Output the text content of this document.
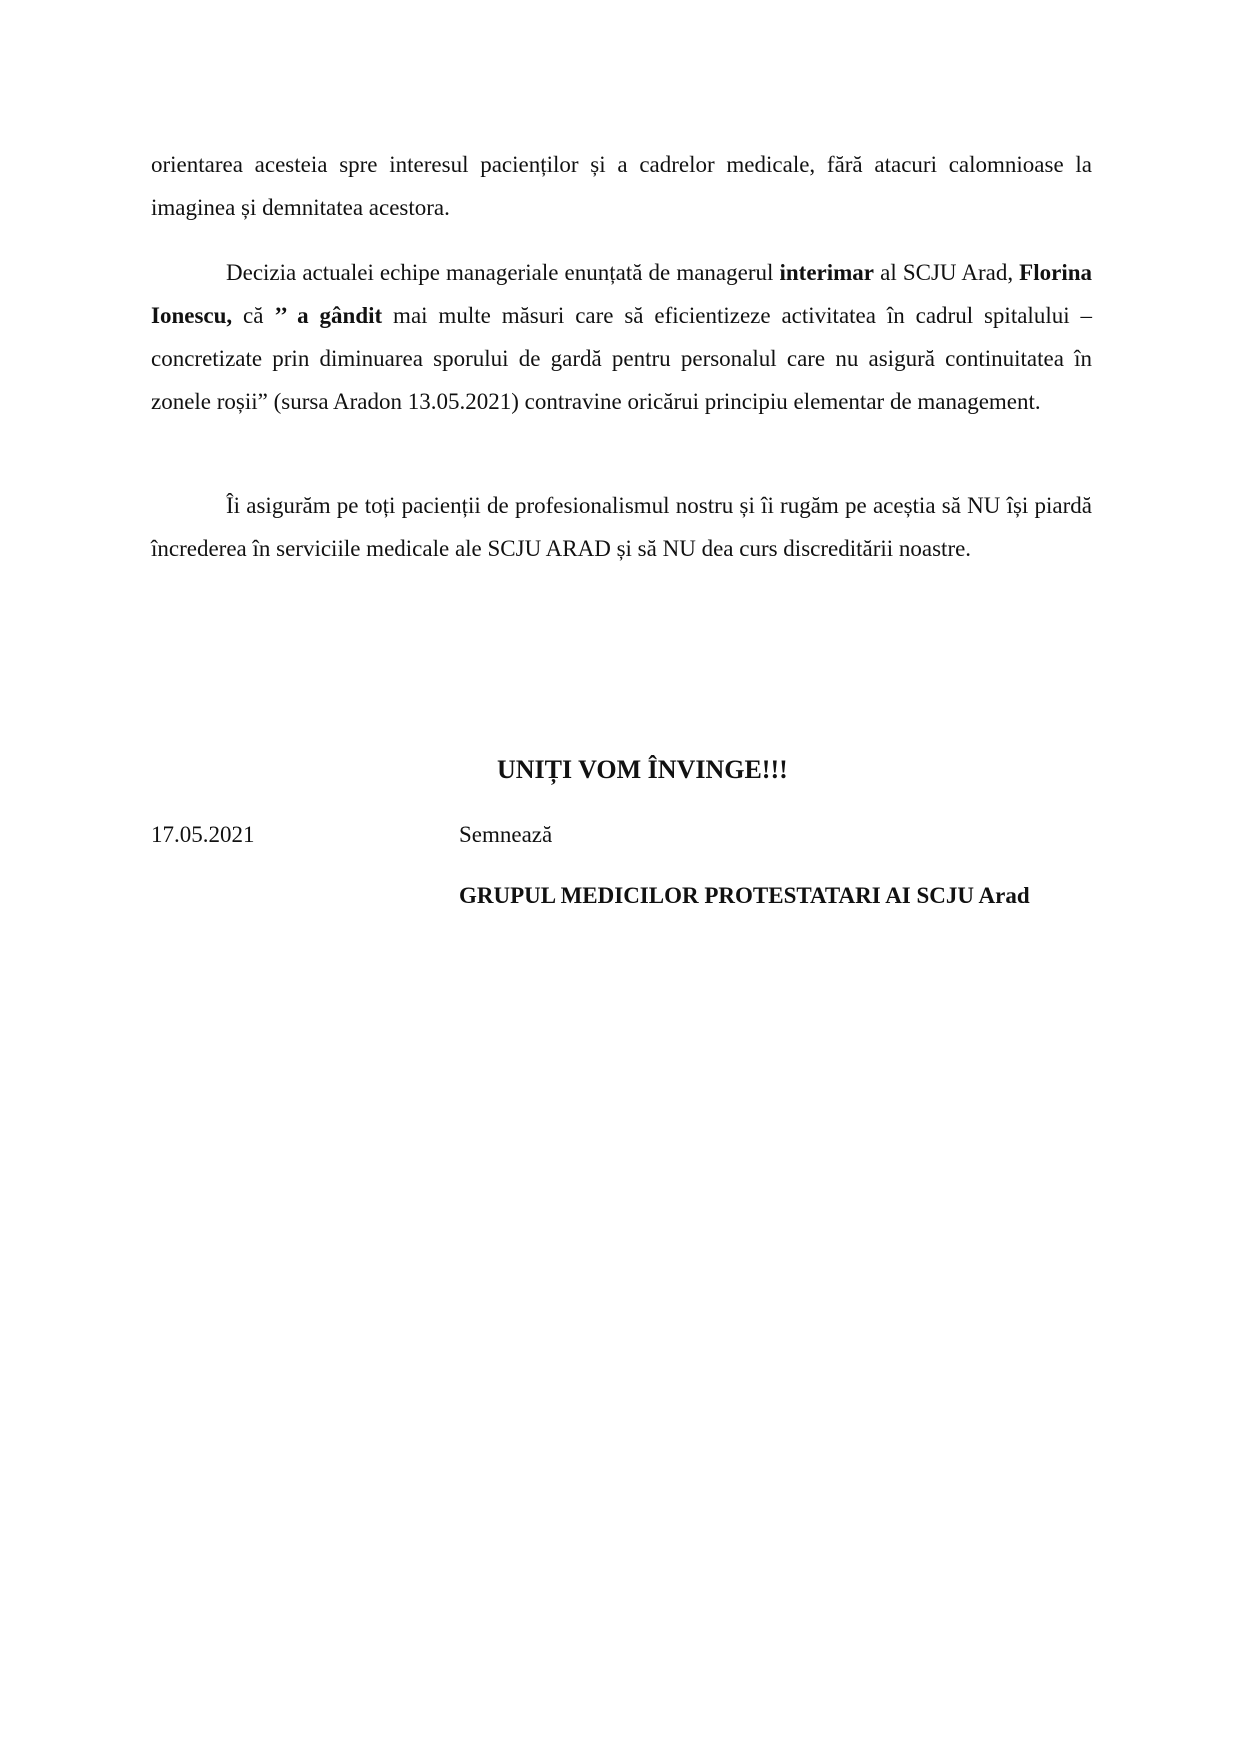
orientarea acesteia spre interesul pacienților și a cadrelor medicale, fără atacuri calomnioase la imaginea și demnitatea acestora.

Decizia actualei echipe manageriale enunțată de managerul interimar al SCJU Arad, Florina Ionescu, că ’’ a gândit mai multe măsuri care să eficientizeze activitatea în cadrul spitalului – concretizate prin diminuarea sporului de gardă pentru personalul care nu asigură continuitatea în zonele roșii” (sursa Aradon 13.05.2021) contravine oricărui principiu elementar de management.

Îi asigurăm pe toți pacienții de profesionalismul nostru și îi rugăm pe aceștia să NU își piardă încrederea în serviciile medicale ale SCJU ARAD și să NU dea curs discreditării noastre.

UNIȚI VOM ÎNVINGE!!!
17.05.2021	Semnează
GRUPUL MEDICILOR PROTESTATARI AI SCJU Arad
